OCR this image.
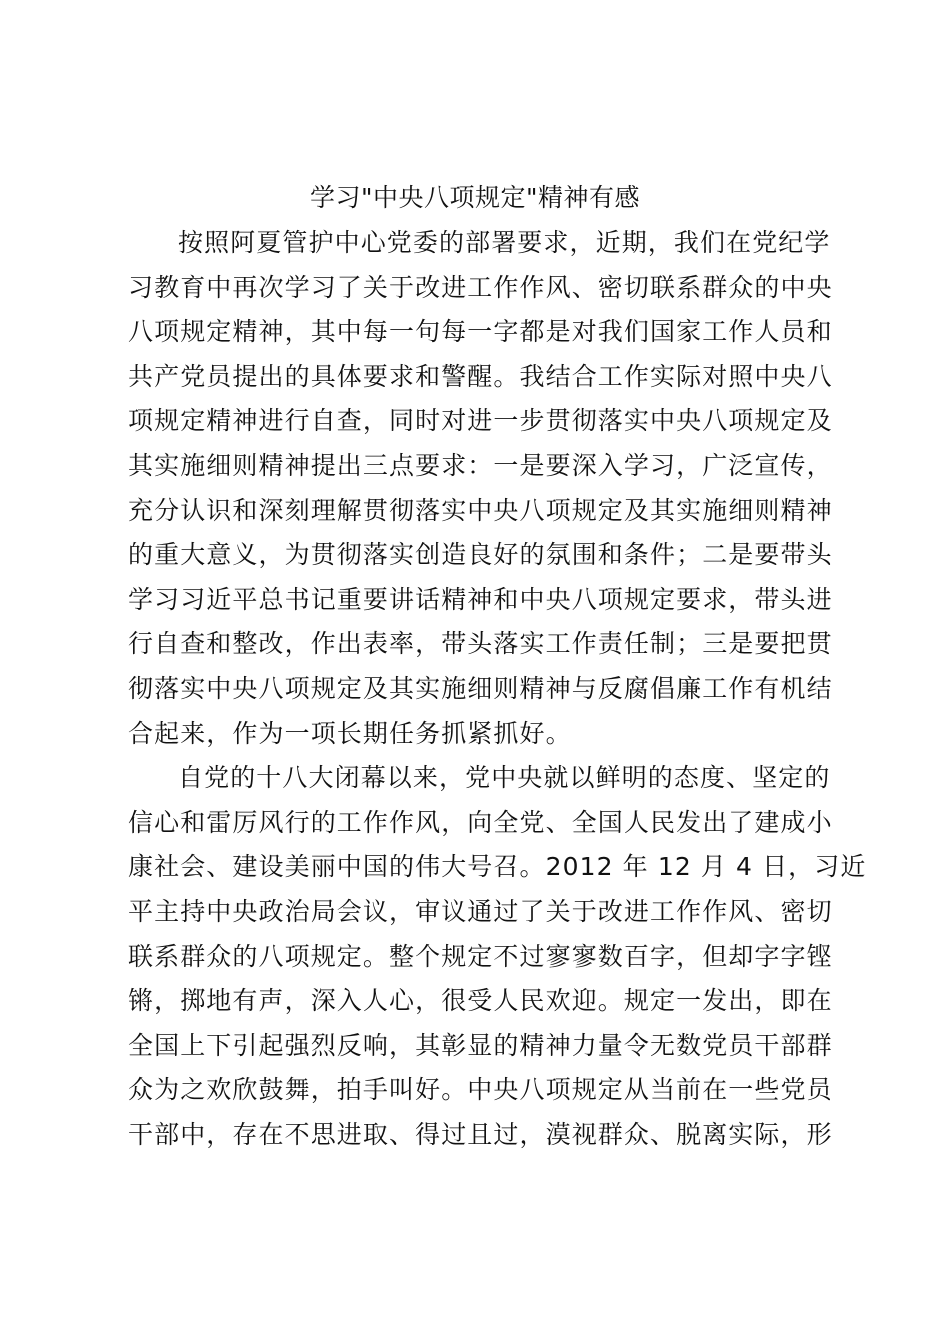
学习"中央八项规定"精神有感
按照阿夏管护中心党委的部署要求，近期，我们在党纪学
习教育中再次学习了关于改进工作作风、密切联系群众的中央
八项规定精神，其中每一句每一字都是对我们国家工作人员和
共产党员提出的具体要求和警醒。我结合工作实际对照中央八
项规定精神进行自查，同时对进一步贯彻落实中央八项规定及
其实施细则精神提出三点要求：一是要深入学习，广泛宣传，
充分认识和深刻理解贯彻落实中央八项规定及其实施细则精神
的重大意义，为贯彻落实创造良好的氛围和条件；二是要带头
学习习近平总书记重要讲话精神和中央八项规定要求，带头进
行自查和整改，作出表率，带头落实工作责任制；三是要把贯
彻落实中央八项规定及其实施细则精神与反腐倡廉工作有机结
合起来，作为一项长期任务抓紧抓好。
自党的十八大闭幕以来，党中央就以鲜明的态度、坚定的
信心和雷厉风行的工作作风，向全党、全国人民发出了建成小
康社会、建设美丽中国的伟大号召。2012 年 12 月 4 日，习近
平主持中央政治局会议，审议通过了关于改进工作作风、密切
联系群众的八项规定。整个规定不过寥寥数百字，但却字字铿
锵，掷地有声，深入人心，很受人民欢迎。规定一发出，即在
全国上下引起强烈反响，其彰显的精神力量令无数党员干部群
众为之欢欣鼓舞，拍手叫好。中央八项规定从当前在一些党员
干部中，存在不思进取、得过且过，漠视群众、脱离实际，形
